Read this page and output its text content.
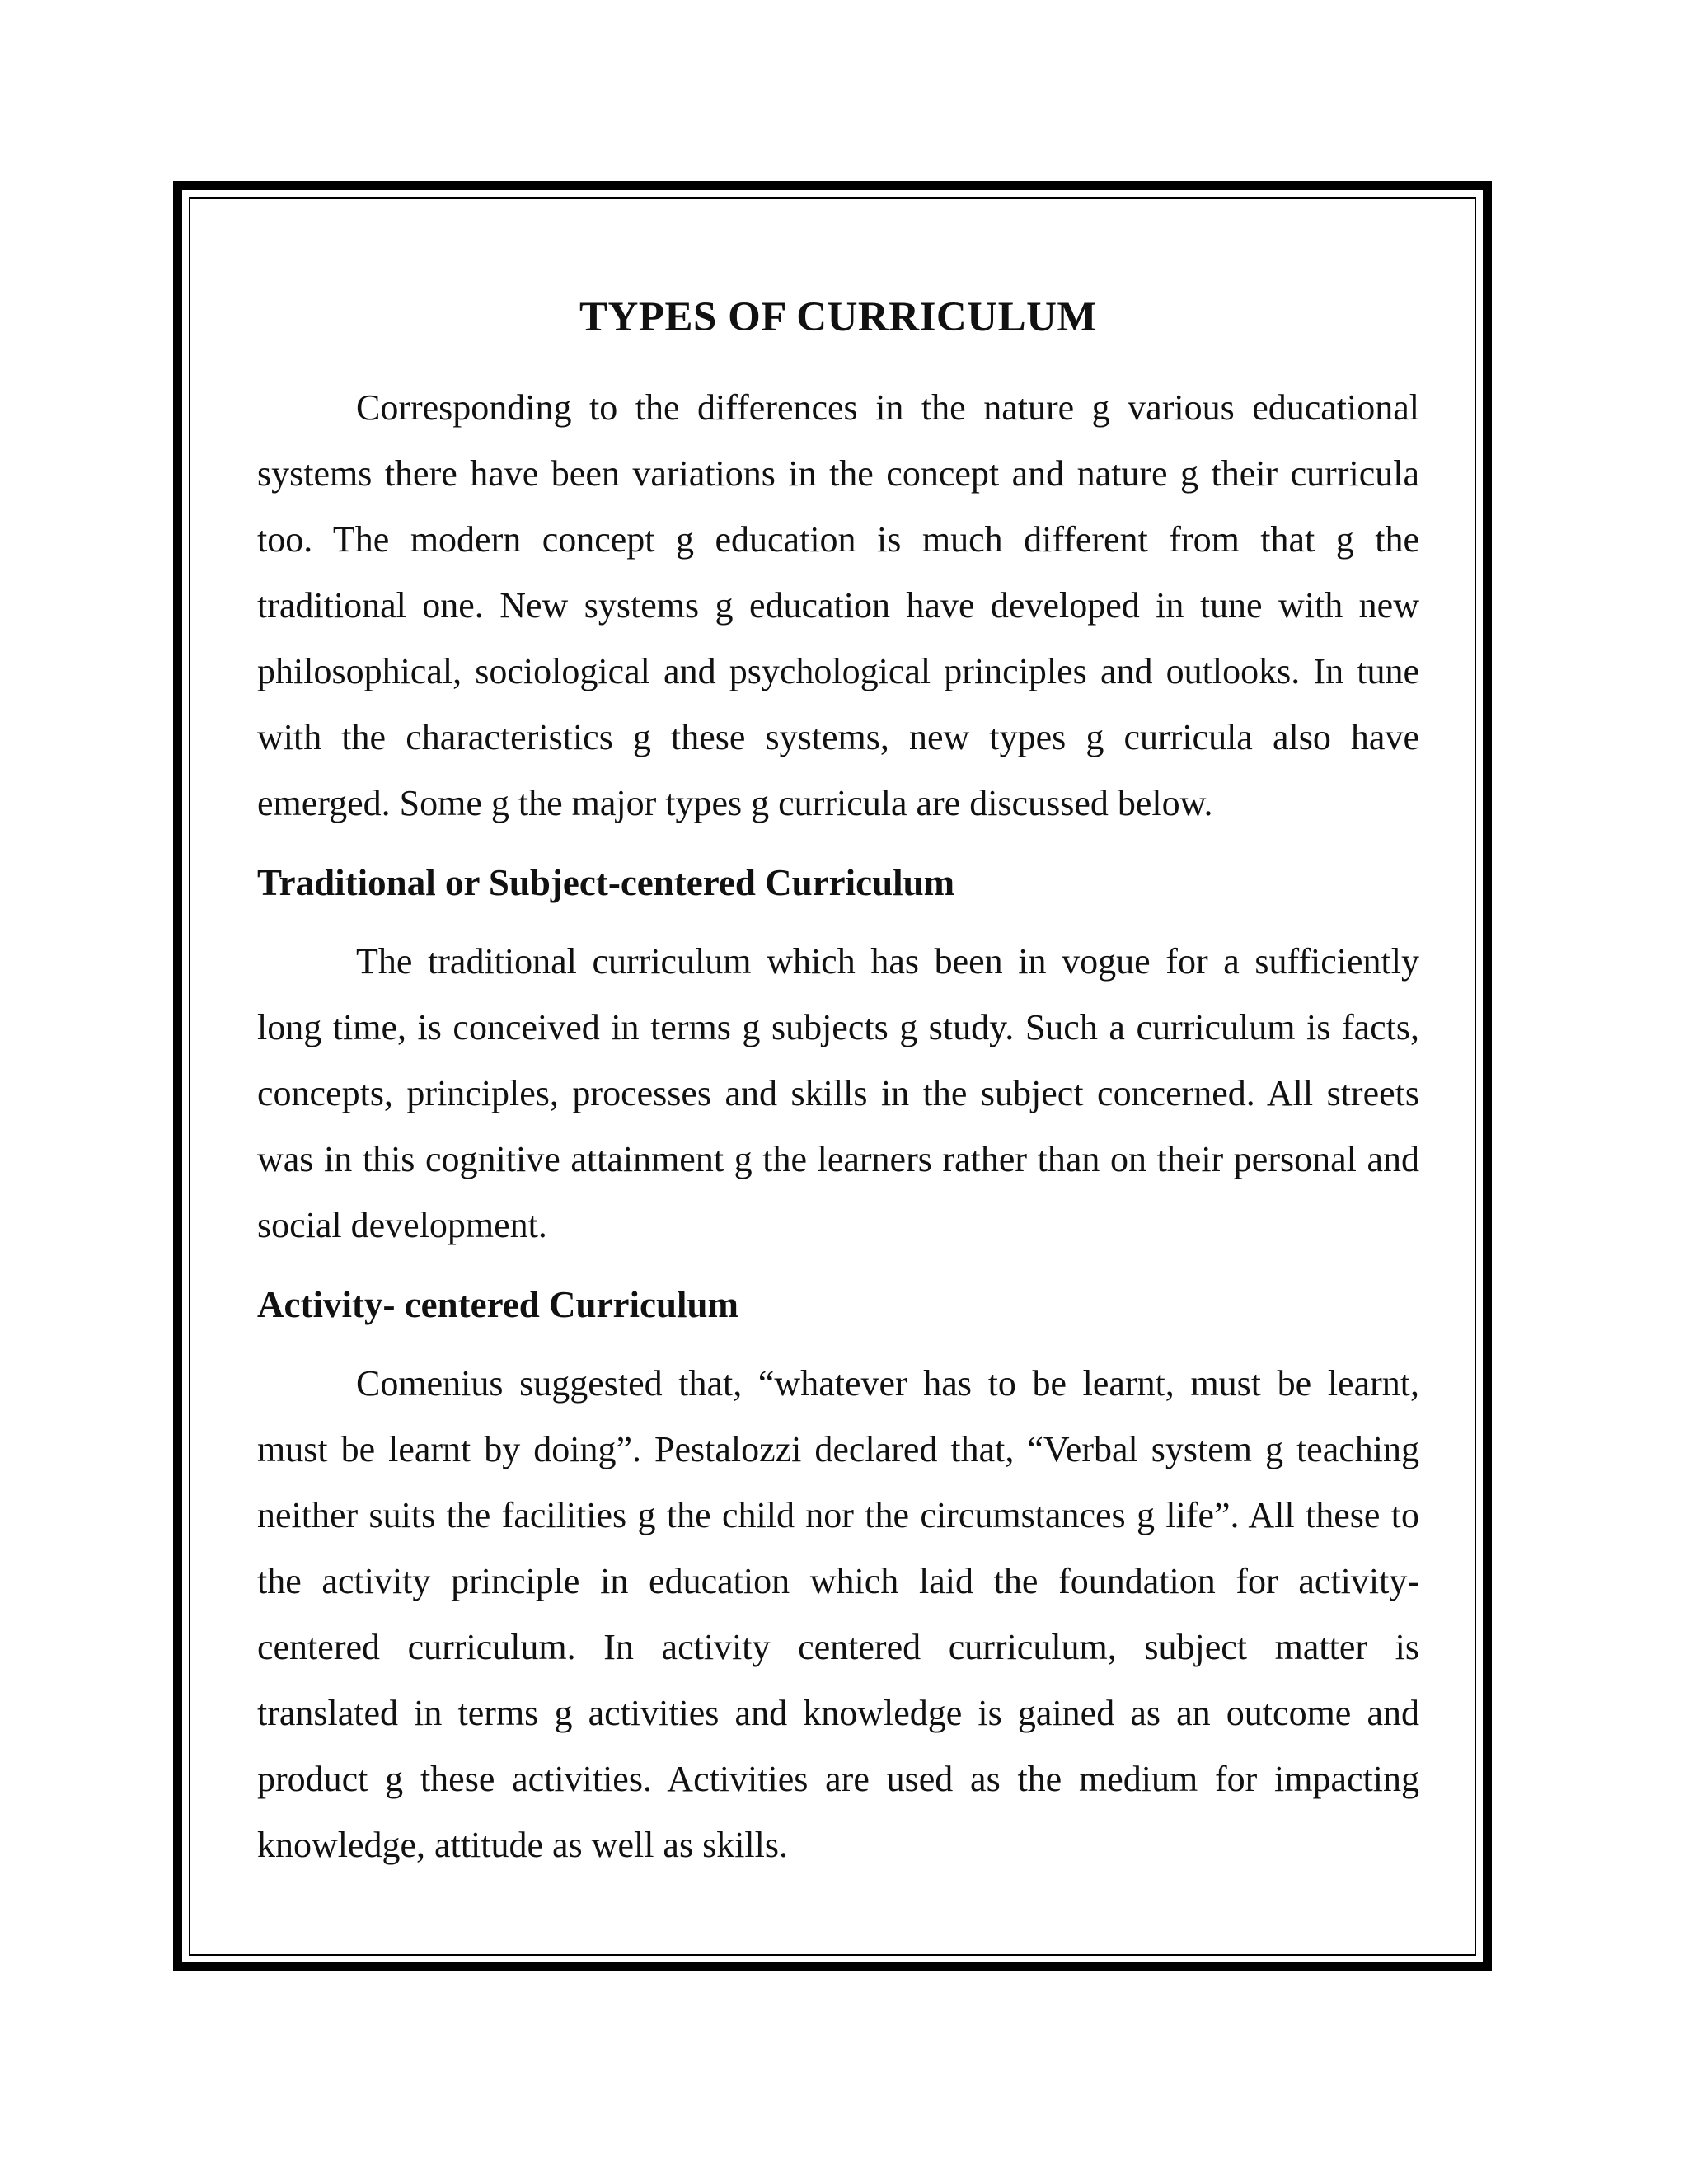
TYPES OF CURRICULUM

Corresponding to the differences in the nature g various educational systems there have been variations in the concept and nature g their curricula too. The modern concept g education is much different from that g the traditional one. New systems g education have developed in tune with new philosophical, sociological and psychological principles and outlooks. In tune with the characteristics g these systems, new types g curricula also have emerged. Some g the major types g curricula are discussed below.

Traditional or Subject-centered Curriculum

The traditional curriculum which has been in vogue for a sufficiently long time, is conceived in terms g subjects g study. Such a curriculum is facts, concepts, principles, processes and skills in the subject concerned. All streets was in this cognitive attainment g the learners rather than on their personal and social development.

Activity- centered Curriculum

Comenius suggested that, “whatever has to be learnt, must be learnt, must be learnt by doing”. Pestalozzi declared that, “Verbal system g teaching neither suits the facilities g the child nor the circumstances g life”. All these to the activity principle in education which laid the foundation for activity- centered curriculum. In activity centered curriculum, subject matter is translated in terms g activities and knowledge is gained as an outcome and product g these activities. Activities are used as the medium for impacting knowledge, attitude as well as skills.
